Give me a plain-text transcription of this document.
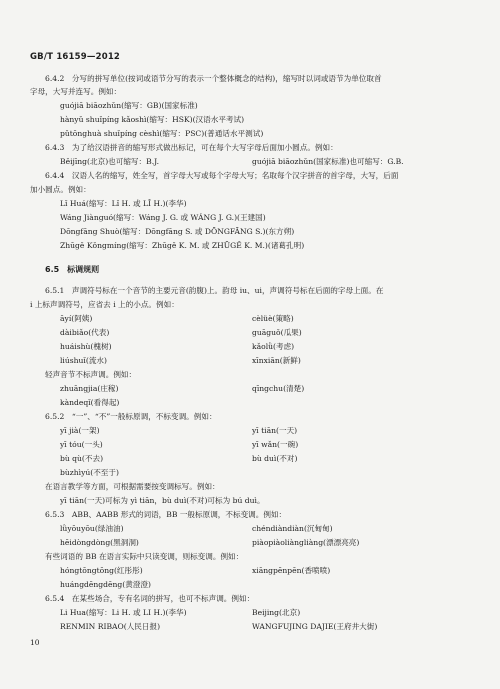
GB/T 16159—2012
6.4.2　分写的拼写单位(按词或语节分写的表示一个整体概念的结构)，缩写时以词或语节为单位取首
字母，大写并连写。例如：
guójiā biāozhǔn(缩写：GB)(国家标准)
hànyǔ shuǐpíng kǎoshì(缩写：HSK)(汉语水平考试)
pǔtōnghuà shuǐpíng cèshì(缩写：PSC)(普通话水平测试)
6.4.3　为了给汉语拼音的缩写形式做出标记，可在每个大写字母后面加小圆点。例如：
Běijīng(北京)也可缩写：B.J.	guójiā biāozhǔn(国家标准)也可缩写：G.B.
6.4.4　汉语人名的缩写，姓全写，首字母大写或每个字母大写；名取每个汉字拼音的首字母，大写，后面
加小圆点。例如：
Lǐ Huá(缩写：Lǐ H. 或 LǏ H.)(李华)
Wáng Jiànguó(缩写：Wáng J. G. 或 WÁNG J. G.)(王建国)
Dōngfāng Shuò(缩写：Dōngfāng S. 或 DŌNGFĀNG S.)(东方朔)
Zhūgě Kǒngmíng(缩写：Zhūgě K. M. 或 ZHŪGĚ K. M.)(诸葛孔明)
6.5　标调规则
6.5.1　声调符号标在一个音节的主要元音(韵腹)上。韵母 iu、ui，声调符号标在后面的字母上面。在
i 上标声调符号，应省去 i 上的小点。例如：
āyí(阿姨)	cèlüè(策略)
dàibiǎo(代表)	guāguǒ(瓜果)
huáishù(槐树)	kǎolǜ(考虑)
liúshuǐ(流水)	xīnxiān(新鲜)
轻声音节不标声调。例如：
zhuāngjia(庄稼)	qīngchu(清楚)
kàndeqǐ(看得起)
6.5.2　“一”、“不”一般标原调，不标变调。例如：
yī jià(一架)	yī tiān(一天)
yī tóu(一头)	yī wǎn(一碗)
bù qù(不去)	bù duì(不对)
bùzhìyú(不至于)
在语言教学等方面，可根据需要按变调标写。例如：
yī tiān(一天)可标为 yì tiān，bù duì(不对)可标为 bú duì。
6.5.3　ABB、AABB 形式的词语，BB 一般标原调，不标变调。例如：
lǜyōuyōu(绿油油)	chéndiàndiàn(沉甸甸)
hēidòngdòng(黑洞洞)	piàopiàoliàngliàng(漂漂亮亮)
有些词语的 BB 在语言实际中只读变调，则标变调。例如：
hóngtōngtōng(红彤彤)	xiāngpēnpēn(香喷喷)
huángdēngdēng(黄澄澄)
6.5.4　在某些场合，专有名词的拼写，也可不标声调。例如：
Li Hua(缩写：Li H. 或 LI H.)(李华)	Beijing(北京)
RENMIN RIBAO(人民日报)	WANGFUJING DAJIE(王府井大街)
10
